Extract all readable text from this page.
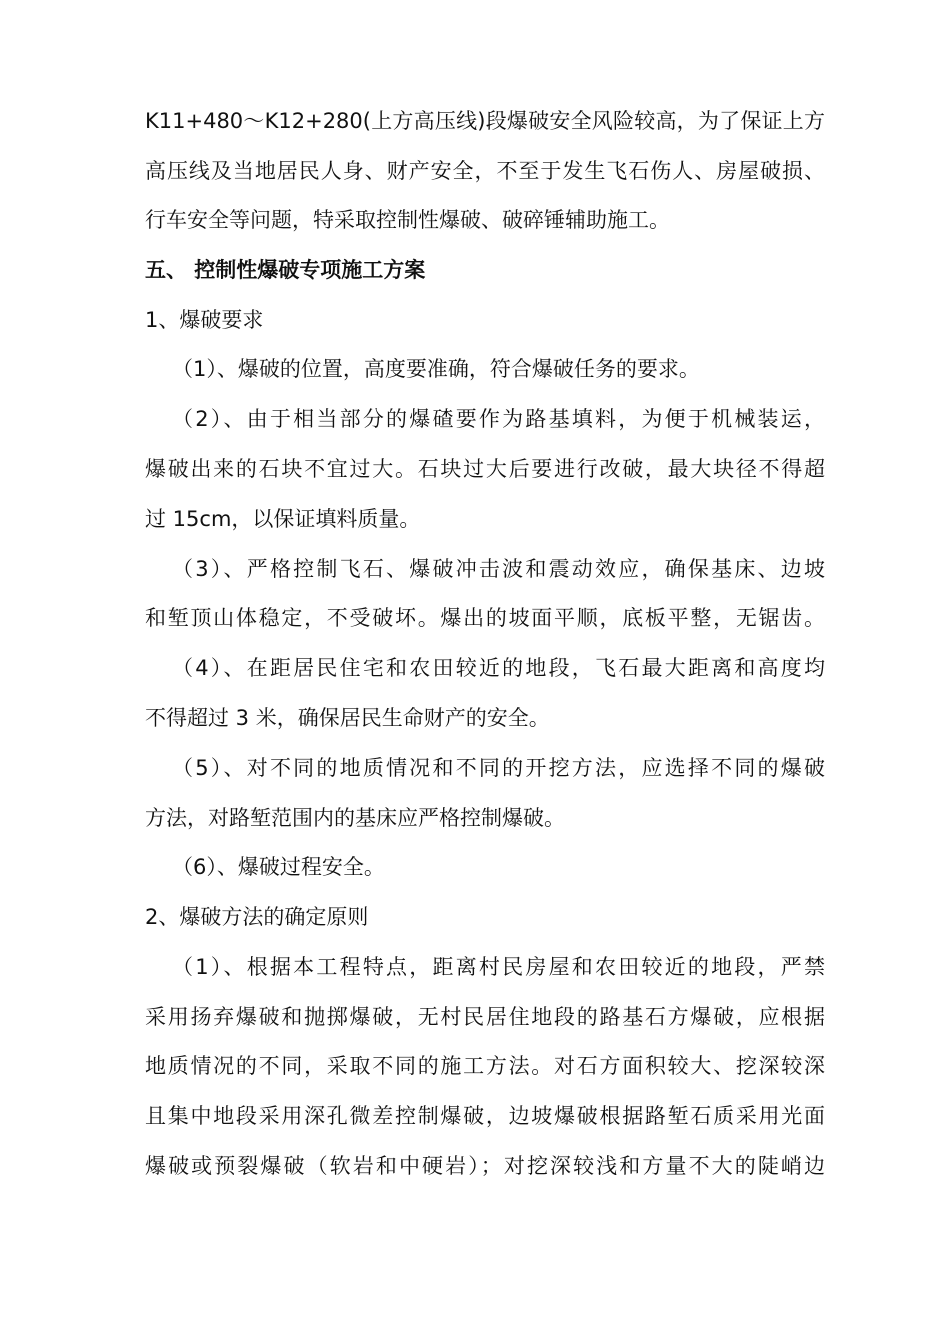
K11+480～K12+280(上方高压线)段爆破安全风险较高，为了保证上方
高压线及当地居民人身、财产安全，不至于发生飞石伤人、房屋破损、
行车安全等问题，特采取控制性爆破、破碎锤辅助施工。
五、 控制性爆破专项施工方案
1、爆破要求
（1）、爆破的位置，高度要准确，符合爆破任务的要求。
（2）、由于相当部分的爆碴要作为路基填料，为便于机械装运，
爆破出来的石块不宜过大。石块过大后要进行改破，最大块径不得超
过 15cm，以保证填料质量。
（3）、严格控制飞石、爆破冲击波和震动效应，确保基床、边坡
和堑顶山体稳定，不受破坏。爆出的坡面平顺，底板平整，无锯齿。
（4）、在距居民住宅和农田较近的地段，飞石最大距离和高度均
不得超过 3 米，确保居民生命财产的安全。
（5）、对不同的地质情况和不同的开挖方法，应选择不同的爆破
方法，对路堑范围内的基床应严格控制爆破。
（6）、爆破过程安全。
2、爆破方法的确定原则
（1）、根据本工程特点，距离村民房屋和农田较近的地段，严禁
采用扬弃爆破和抛掷爆破，无村民居住地段的路基石方爆破，应根据
地质情况的不同，采取不同的施工方法。对石方面积较大、挖深较深
且集中地段采用深孔微差控制爆破，边坡爆破根据路堑石质采用光面
爆破或预裂爆破（软岩和中硬岩）；对挖深较浅和方量不大的陡峭边
